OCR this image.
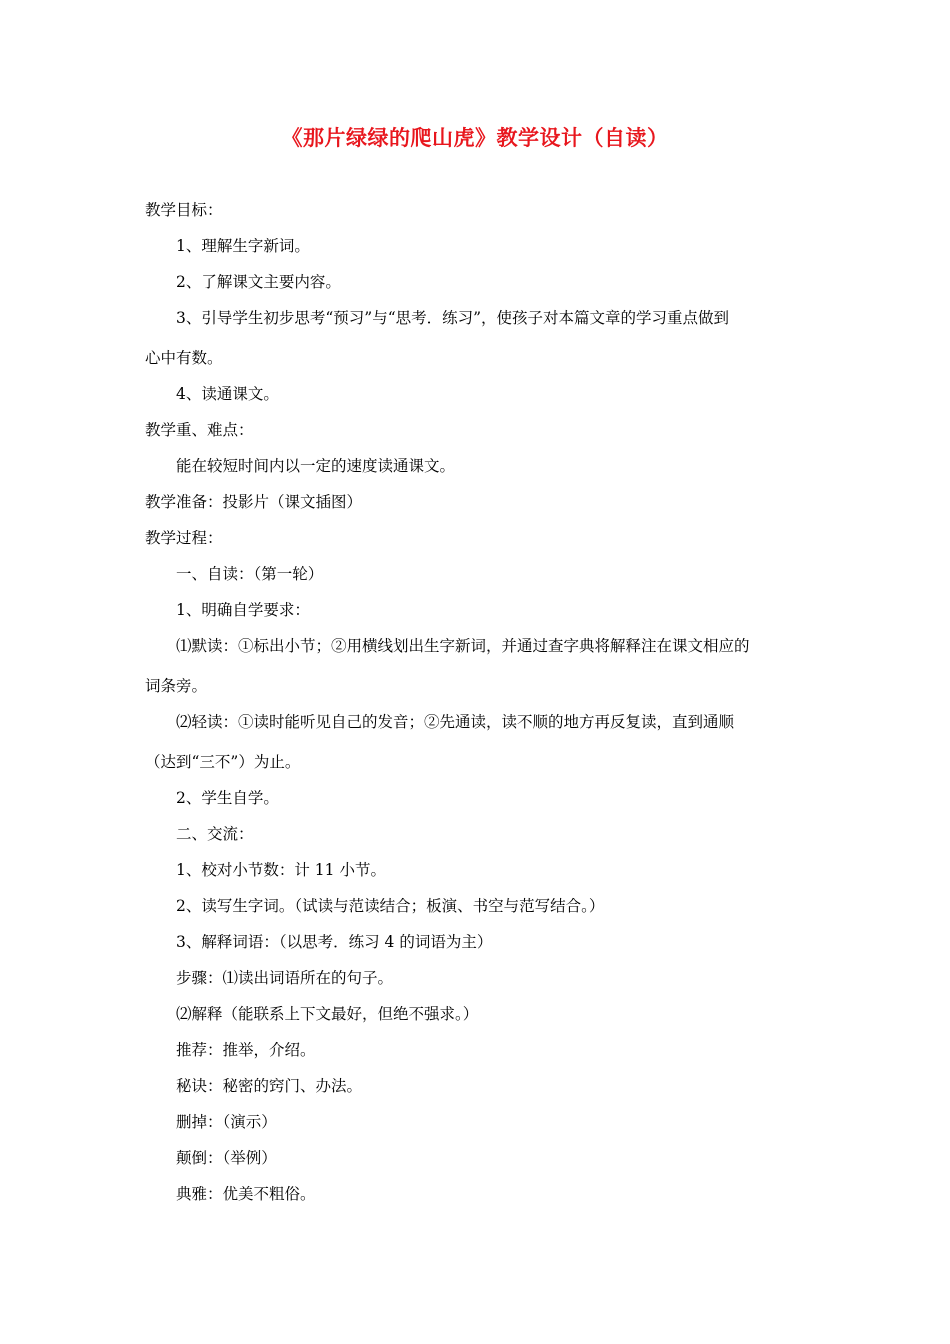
《那片绿绿的爬山虎》教学设计（自读）
教学目标：
1、理解生字新词。
2、了解课文主要内容。
3、引导学生初步思考“预习”与“思考．练习”，使孩子对本篇文章的学习重点做到
心中有数。
4、读通课文。
教学重、难点：
能在较短时间内以一定的速度读通课文。
教学准备：投影片（课文插图）
教学过程：
一、自读：（第一轮）
1、明确自学要求：
⑴默读：①标出小节；②用横线划出生字新词，并通过查字典将解释注在课文相应的
词条旁。
⑵轻读：①读时能听见自己的发音；②先通读，读不顺的地方再反复读，直到通顺
（达到“三不”）为止。
2、学生自学。
二、交流：
1、校对小节数：计 11 小节。
2、读写生字词。（试读与范读结合；板演、书空与范写结合。）
3、解释词语：（以思考．练习 4 的词语为主）
步骤：⑴读出词语所在的句子。
⑵解释（能联系上下文最好，但绝不强求。）
推荐：推举，介绍。
秘诀：秘密的窍门、办法。
删掉：（演示）
颠倒：（举例）
典雅：优美不粗俗。
